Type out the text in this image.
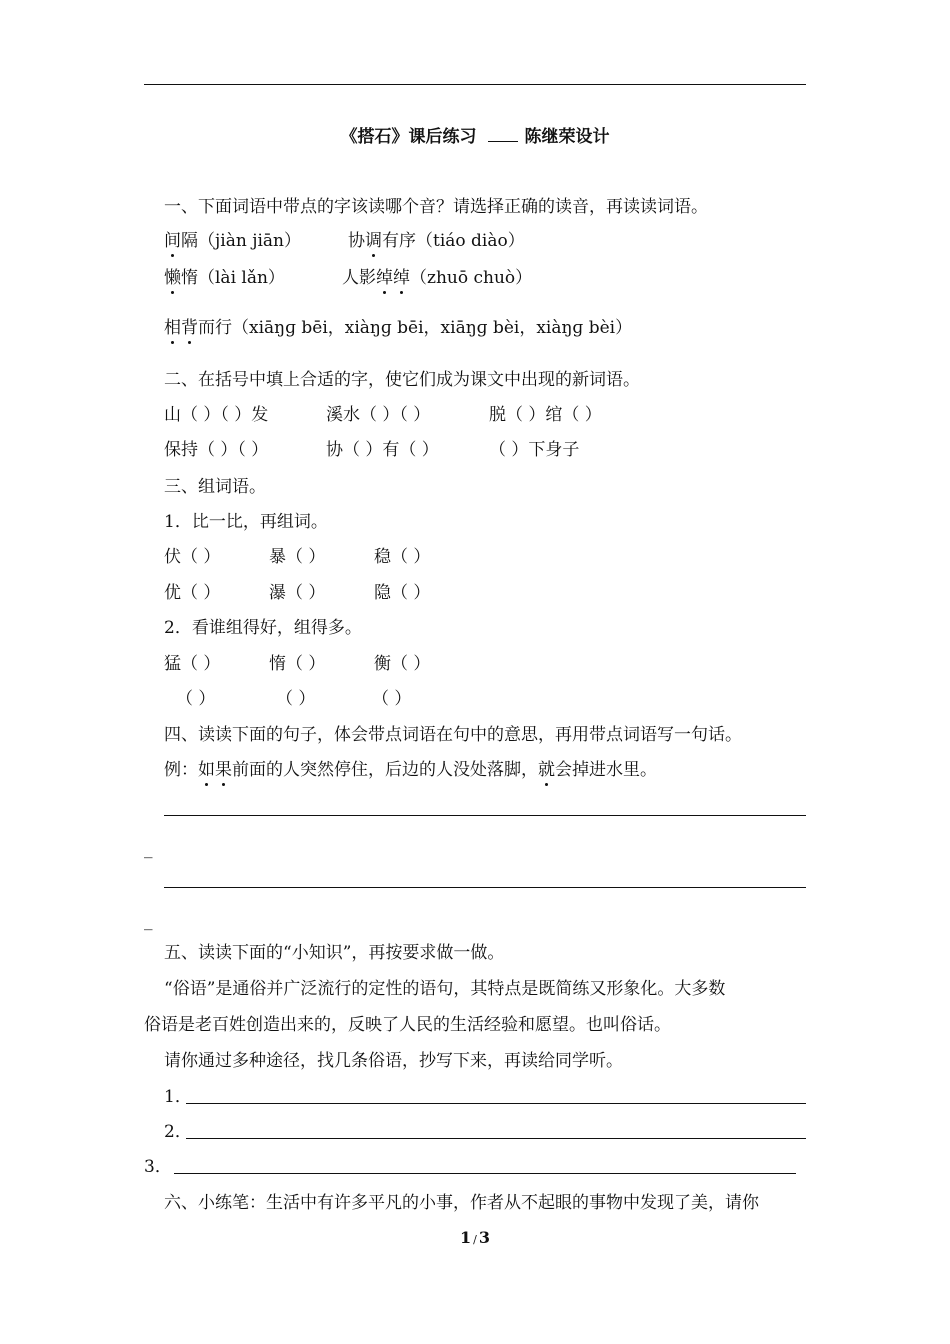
《搭石》课后练习	陈继荣设计
一、下面词语中带点的字该读哪个音？请选择正确的读音，再读读词语。
间隔（jiàn jiān）	协调有序（tiáo diào）
懒惰（lài lǎn）	人影绰绰（zhuō chuò）
相背而行（xiāŋɡ bēi，xiàŋɡ bēi，xiāŋɡ bèi，xiàŋɡ bèi）
二、在括号中填上合适的字，使它们成为课文中出现的新词语。
山（ ）（ ）发	溪水（ ）（ ）	脱（ ）绾（ ）
保持（ ）（ ）	协（ ）有（ ）	（ ）下身子
三、组词语。
1．比一比，再组词。
伏（ ）	暴（ ）	稳（ ）
优（ ）	瀑（ ）	隐（ ）
2．看谁组得好，组得多。
猛（ ）	惰（ ）	衡（ ）
（ ）	（ ）	（ ）
四、读读下面的句子，体会带点词语在句中的意思，再用带点词语写一句话。
例：如果前面的人突然停住，后边的人没处落脚，就会掉进水里。
_
_
五、读读下面的“小知识”，再按要求做一做。
“俗语”是通俗并广泛流行的定性的语句，其特点是既简练又形象化。大多数
俗语是老百姓创造出来的，反映了人民的生活经验和愿望。也叫俗话。
请你通过多种途径，找几条俗语，抄写下来，再读给同学听。
1．
2．
3．
六、小练笔：生活中有许多平凡的小事，作者从不起眼的事物中发现了美，请你
1 / 3
